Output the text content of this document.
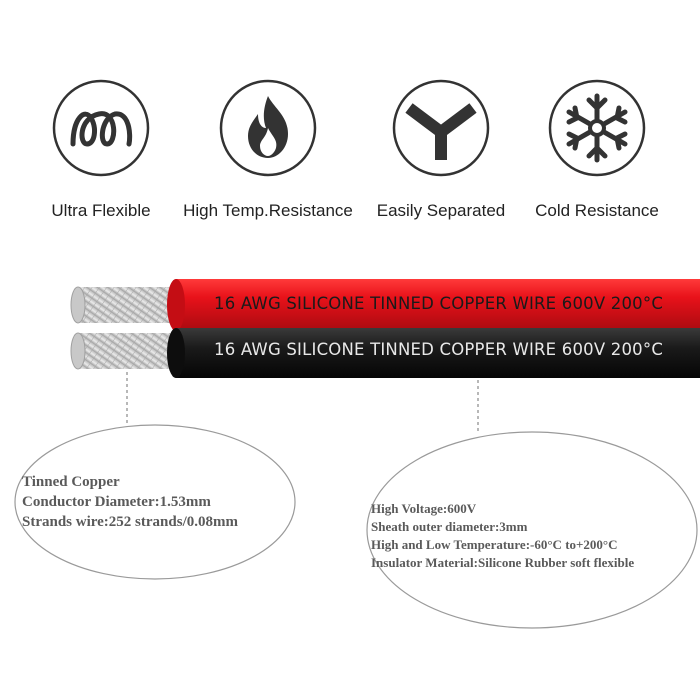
Ultra Flexible	High Temp.Resistance	Easily Separated	Cold Resistance
16 AWG SILICONE TINNED COPPER WIRE 600V 200°C
16 AWG SILICONE TINNED COPPER WIRE 600V 200°C
Tinned Copper
Conductor Diameter:1.53mm
Strands wire:252 strands/0.08mm
High Voltage:600V
Sheath outer diameter:3mm
High and Low Temperature:-60°C to+200°C
Insulator Material:Silicone Rubber soft flexible
